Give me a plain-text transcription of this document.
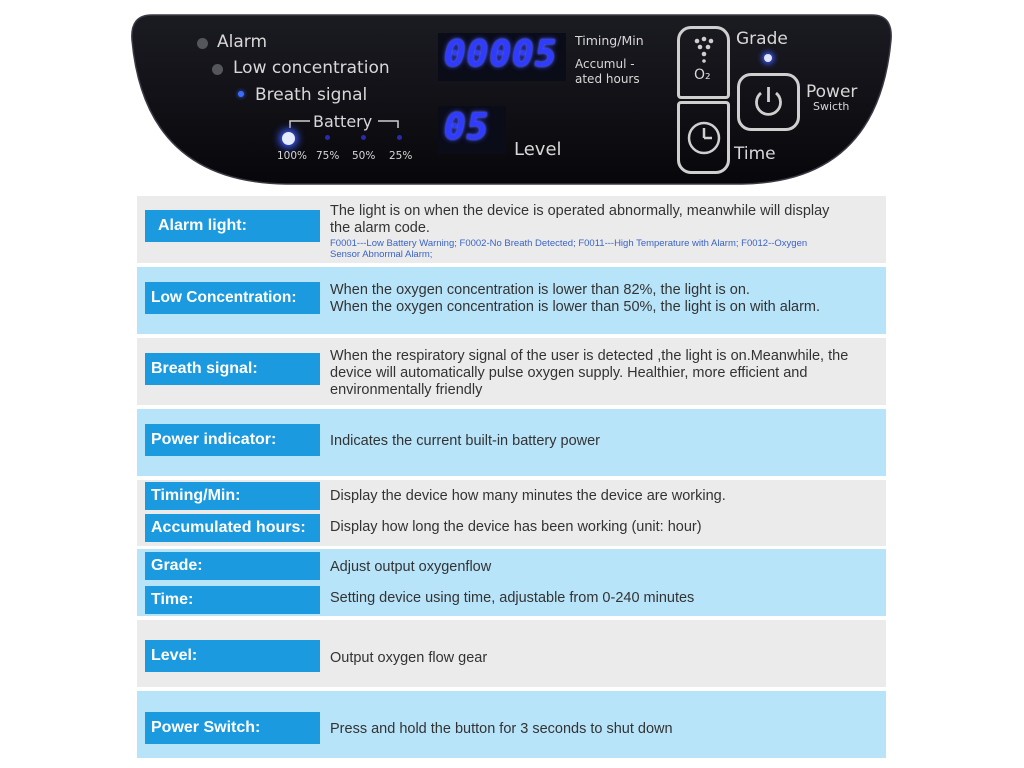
Alarm
Low concentration
Breath signal
Battery
100% 75% 50% 25%
00005 Timing/Min
Accumul -
ated hours
05
Level
O₂
Grade
Time
Power
Swicth
Alarm light:
The light is on when the device is operated abnormally, meanwhile will display the alarm code.
F0001---Low Battery Warning; F0002-No Breath Detected; F0011---High Temperature with Alarm; F0012--Oxygen Sensor Abnormal Alarm;
Low Concentration:	When the oxygen concentration is lower than 82%, the light is on.
When the oxygen concentration is lower than 50%, the light is on with alarm.
Breath signal:
When the respiratory signal of the user is detected ,the light is on.Meanwhile, the device will automatically pulse oxygen supply. Healthier, more efficient and environmentally friendly
Power indicator:	Indicates the current built-in battery power
Timing/Min:	Display the device how many minutes the device are working.
Accumulated hours:	Display how long the device has been working (unit: hour)
Grade:	Adjust output oxygenflow
Time:	Setting device using time, adjustable from 0-240 minutes
Level:	Output oxygen flow gear
Power Switch:	Press and hold the button for 3 seconds to shut down
